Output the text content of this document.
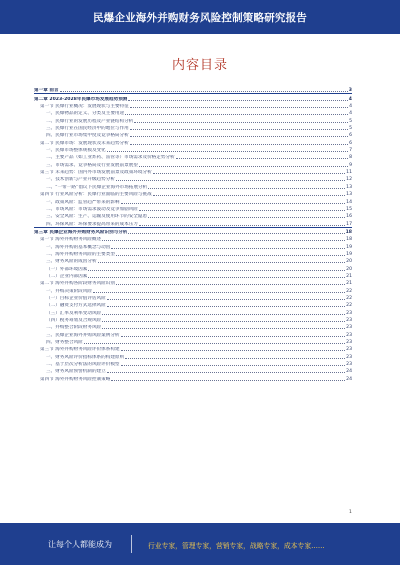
民爆企业海外并购财务风险控制策略研究报告
内容目录
第一章 前言	3
第二章 2023-2028年民爆市场发展趋势预测	4
第一节 民爆行业概况：发展现状与主要特征	4
一、民爆物品的定义、分类及主要用途	4
二、民爆行业的发展历程及产业链结构分析	5
三、民爆行业在国民经济中的地位与作用	5
四、民爆行业市场集中度及竞争格局分析	6
第二节 民爆市场：发展现状及未来趋势分析	6
一、民爆市场整体规模及变化	7
二、主要产品（如工业炸药、雷管等）市场需求及价格走势分析	8
三、市场需求、竞争格局及行业发展前景展望	9
第三节 未来趋势：国内外市场发展前景及政策环境分析	11
一、技术创新与产业升级趋势分析	12
二、“一带一路”倡议下民爆企业海外市场拓展分析	13
第四节 行业风险分析：民爆行业面临的主要风险与挑战	13
一、政策风险：监管趋严带来的影响	14
二、市场风险：市场需求波动及竞争加剧风险	15
三、安全风险：生产、运输及使用环节的安全隐患	16
四、环保风险：环保要求提高带来的成本压力	17
第三章 民爆企业海外并购财务风险识别与分析	18
第一节 海外并购财务风险概述	18
一、海外并购的基本概念与动因	19
二、海外并购财务风险的主要类型	19
三、财务风险的成因分析	20
（一）外部环境因素	20
（二）企业内部因素	21
第二节 海外并购各阶段财务风险识别	21
一、并购决策阶段风险	22
（一）目标企业价值评估风险	22
（二）融资支付方式选择风险	22
（三）汇率及利率变动风险	23
（四）税务筹划及合规风险	23
二、并购整合阶段财务风险	23
三、民爆企业海外并购风险案例分析	23
四、财务整合风险	23
第三节 海外并购财务风险评价体系构建	23
一、财务风险评价指标体系的构建原则	23
二、基于层次分析法的风险评价模型	23
三、财务风险预警机制的建立	24
第四节 海外并购财务风险控制策略	24
1
让每个人都能成为	行业专家，管理专家，营销专家，战略专家，成本专家……
